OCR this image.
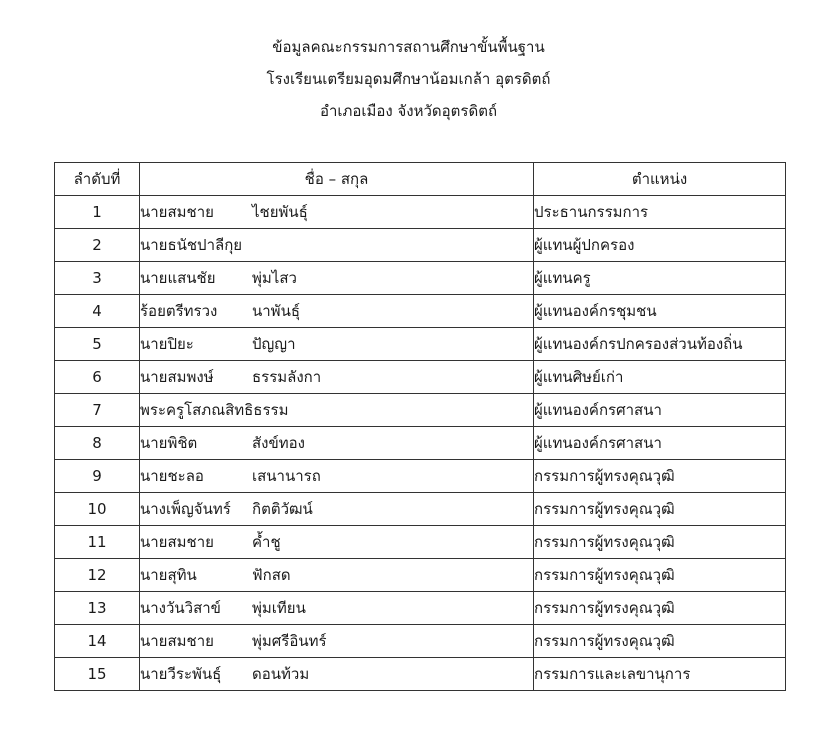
ข้อมูลคณะกรรมการสถานศึกษาขั้นพื้นฐาน
โรงเรียนเตรียมอุดมศึกษาน้อมเกล้า อุตรดิตถ์
อำเภอเมือง จังหวัดอุตรดิตถ์
ลำดับที่	ชื่อ – สกุล	ตำแหน่ง
1	นายสมชาย ไชยพันธุ์	ประธานกรรมการ
2	นายธนัชปาลีกุย	ผู้แทนผู้ปกครอง
3	นายแสนชัย พุ่มไสว	ผู้แทนครู
4	ร้อยตรีทรวง นาพันธุ์	ผู้แทนองค์กรชุมชน
5	นายปิยะ ปัญญา	ผู้แทนองค์กรปกครองส่วนท้องถิ่น
6	นายสมพงษ์ ธรรมลังกา	ผู้แทนศิษย์เก่า
7	พระครูโสภณสิทธิธรรม	ผู้แทนองค์กรศาสนา
8	นายพิชิต สังข์ทอง	ผู้แทนองค์กรศาสนา
9	นายชะลอ เสนานารถ	กรรมการผู้ทรงคุณวุฒิ
10	นางเพ็ญจันทร์ กิตติวัฒน์	กรรมการผู้ทรงคุณวุฒิ
11	นายสมชาย ค้ำชู	กรรมการผู้ทรงคุณวุฒิ
12	นายสุทิน ฟักสด	กรรมการผู้ทรงคุณวุฒิ
13	นางวันวิสาข์ พุ่มเทียน	กรรมการผู้ทรงคุณวุฒิ
14	นายสมชาย พุ่มศรีอินทร์	กรรมการผู้ทรงคุณวุฒิ
15	นายวีระพันธุ์ ดอนท้วม	กรรมการและเลขานุการ
